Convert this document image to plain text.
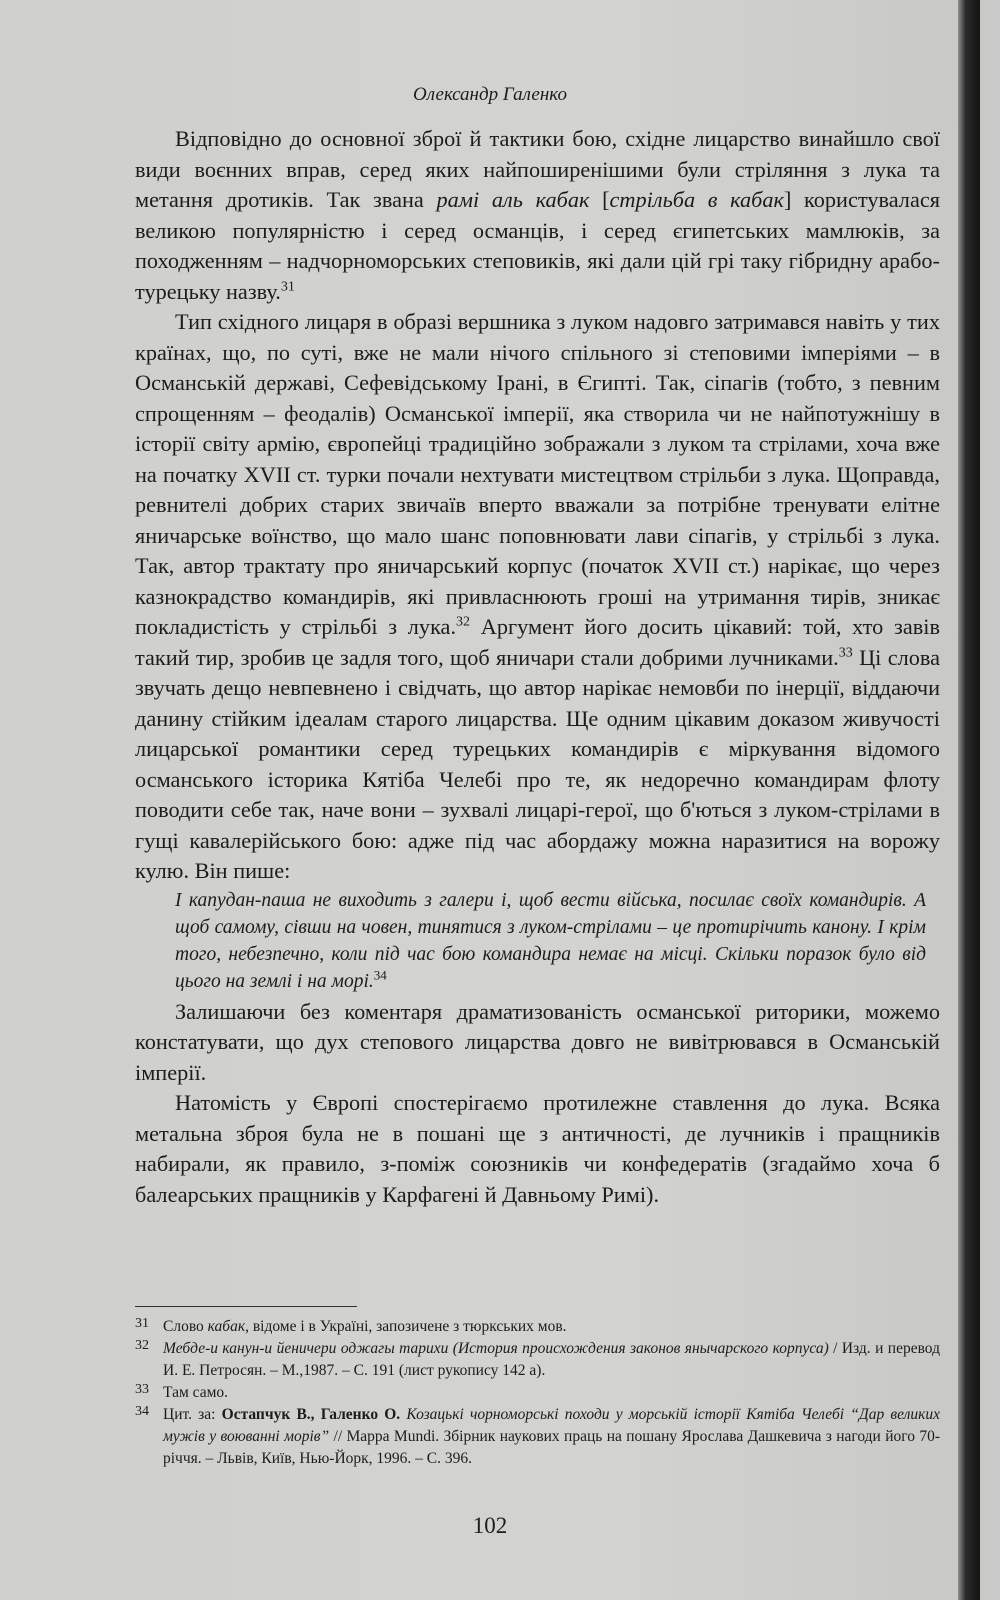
Олександр Галенко

Відповідно до основної зброї й тактики бою, східне лицарство винайшло свої види воєнних вправ, серед яких найпоширенішими були стріляння з лука та метання дротиків. Так звана рамі аль кабак [стрільба в кабак] користувалася великою популярністю і серед османців, і серед єгипетських мамлюків, за походженням – надчорноморських степовиків, які дали цій грі таку гібридну арабо-турецьку назву.$^{31}$

Тип східного лицаря в образі вершника з луком надовго затримався навіть у тих країнах, що, по суті, вже не мали нічого спільного зі степовими імперіями – в Османській державі, Сефевідському Ірані, в Єгипті. Так, сіпагів (тобто, з певним спрощенням – феодалів) Османської імперії, яка створила чи не найпотужнішу в історії світу армію, європейці традиційно зображали з луком та стрілами, хоча вже на початку XVII ст. турки почали нехтувати мистецтвом стрільби з лука. Щоправда, ревнителі добрих старих звичаїв вперто вважали за потрібне тренувати елітне яничарське воїнство, що мало шанс поповнювати лави сіпагів, у стрільбі з лука. Так, автор трактату про яничарський корпус (початок XVII ст.) нарікає, що через казнокрадство командирів, які привласнюють гроші на утримання тирів, зникає покладистість у стрільбі з лука.$^{32}$ Аргумент його досить цікавий: той, хто завів такий тир, зробив це задля того, щоб яничари стали добрими лучниками.$^{33}$ Ці слова звучать дещо невпевнено і свідчать, що автор нарікає немовби по інерції, віддаючи данину стійким ідеалам старого лицарства. Ще одним цікавим доказом живучості лицарської романтики серед турецьких командирів є міркування відомого османського історика Кятіба Челебі про те, як недоречно командирам флоту поводити себе так, наче вони – зухвалі лицарі-герої, що б'ються з луком-стрілами в гущі кавалерійського бою: адже під час абордажу можна наразитися на ворожу кулю. Він пише:

І капудан-паша не виходить з галери і, щоб вести війська, посилає своїх командирів. А щоб самому, сівши на човен, тинятися з луком-стрілами – це протирічить канону. І крім того, небезпечно, коли під час бою командира немає на місці. Скільки поразок було від цього на землі і на морі.$^{34}$

Залишаючи без коментаря драматизованість османської риторики, можемо констатувати, що дух степового лицарства довго не вивітрювався в Османській імперії.

Натомість у Європі спостерігаємо протилежне ставлення до лука. Всяка метальна зброя була не в пошані ще з античності, де лучників і пращників набирали, як правило, з-поміж союзників чи конфедератів (згадаймо хоча б балеарських пращників у Карфагені й Давньому Римі).

31 Слово кабак, відоме і в Україні, запозичене з тюркських мов.

32 Мебде-и канун-и йеничери оджагы тарихи (История происхождения законов янычарского корпуса) / Изд. и перевод И. Е. Петросян. – М.,1987. – С. 191 (лист рукопису 142 а).

33 Там само.

34 Цит. за: Остапчук В., Галенко О. Козацькі чорноморські походи у морській історії Кятіба Челебі “Дар великих мужів у воюванні морів” // Mappa Mundi. Збірник наукових праць на пошану Ярослава Дашкевича з нагоди його 70-річчя. – Львів, Київ, Нью-Йорк, 1996. – С. 396.

102
